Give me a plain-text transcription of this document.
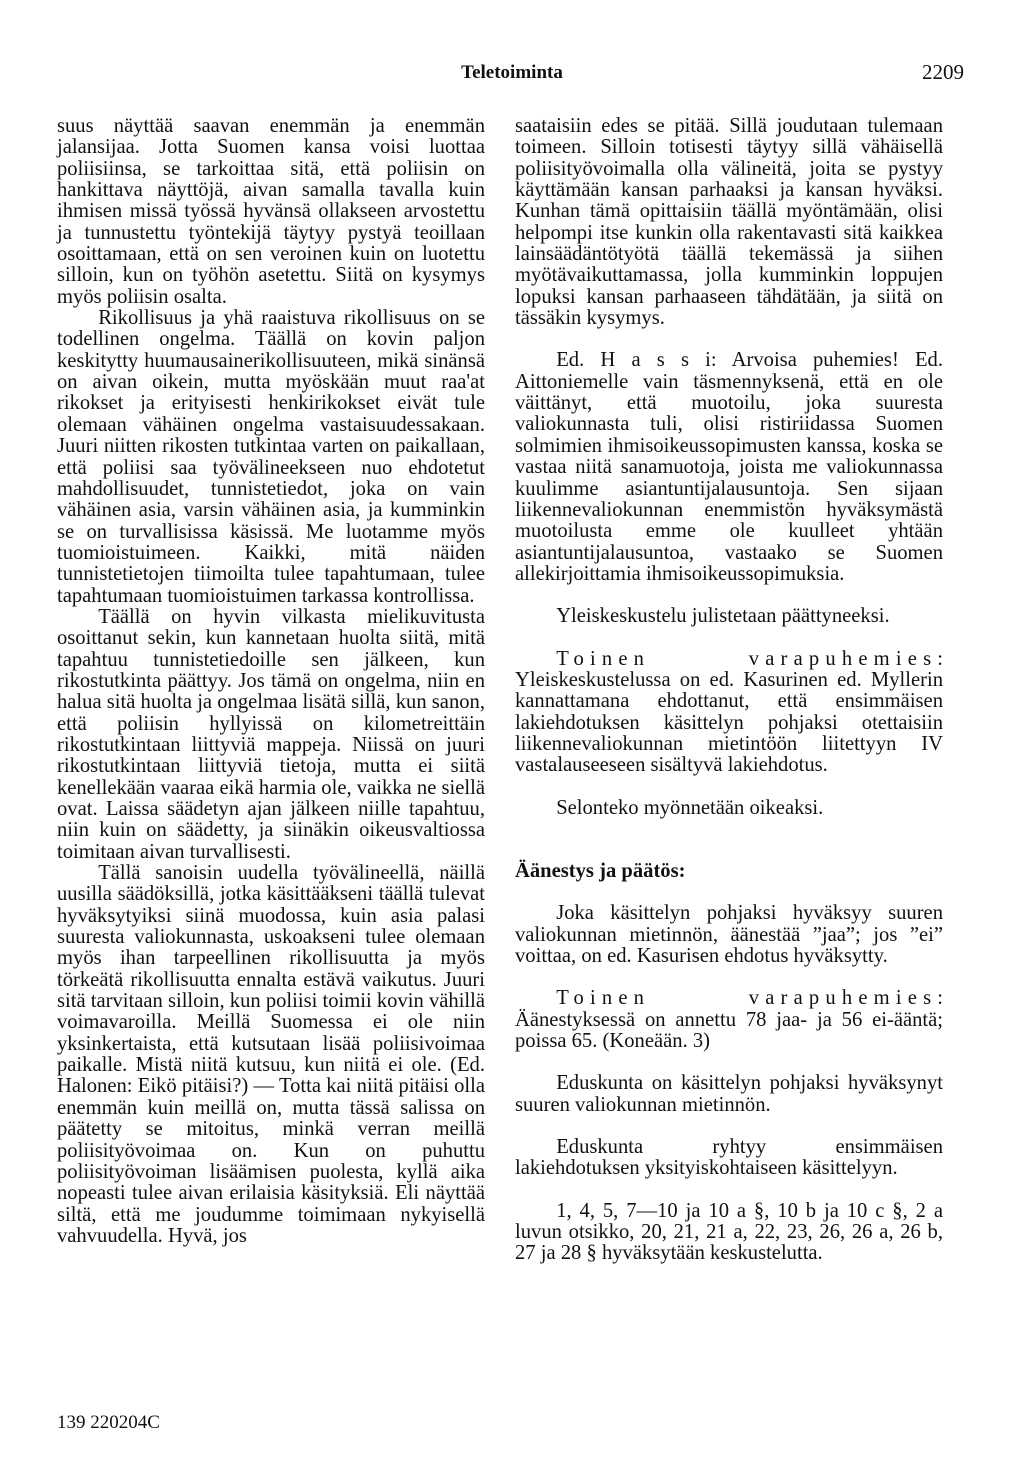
Teletoiminta	2209

suus näyttää saavan enemmän ja enemmän jalansijaa. Jotta Suomen kansa voisi luottaa poliisiinsa, se tarkoittaa sitä, että poliisin on hankittava näyttöjä, aivan samalla tavalla kuin ihmisen missä työssä hyvänsä ollakseen arvostettu ja tunnustettu työntekijä täytyy pystyä teoillaan osoittamaan, että on sen veroinen kuin on luotettu silloin, kun on työhön asetettu. Siitä on kysymys myös poliisin osalta.

Rikollisuus ja yhä raaistuva rikollisuus on se todellinen ongelma. Täällä on kovin paljon keskitytty huumausainerikollisuuteen, mikä sinänsä on aivan oikein, mutta myöskään muut raa'at rikokset ja erityisesti henkirikokset eivät tule olemaan vähäinen ongelma vastaisuudessakaan. Juuri niitten rikosten tutkintaa varten on paikallaan, että poliisi saa työvälineekseen nuo ehdotetut mahdollisuudet, tunnistetiedot, joka on vain vähäinen asia, varsin vähäinen asia, ja kumminkin se on turvallisissa käsissä. Me luotamme myös tuomioistuimeen. Kaikki, mitä näiden tunnistetietojen tiimoilta tulee tapahtumaan, tulee tapahtumaan tuomioistuimen tarkassa kontrollissa.

Täällä on hyvin vilkasta mielikuvitusta osoittanut sekin, kun kannetaan huolta siitä, mitä tapahtuu tunnistetiedoille sen jälkeen, kun rikostutkinta päättyy. Jos tämä on ongelma, niin en halua sitä huolta ja ongelmaa lisätä sillä, kun sanon, että poliisin hyllyissä on kilometreittäin rikostutkintaan liittyviä mappeja. Niissä on juuri rikostutkintaan liittyviä tietoja, mutta ei siitä kenellekään vaaraa eikä harmia ole, vaikka ne siellä ovat. Laissa säädetyn ajan jälkeen niille tapahtuu, niin kuin on säädetty, ja siinäkin oikeusvaltiossa toimitaan aivan turvallisesti.

Tällä sanoisin uudella työvälineellä, näillä uusilla säädöksillä, jotka käsittääkseni täällä tulevat hyväksytyiksi siinä muodossa, kuin asia palasi suuresta valiokunnasta, uskoakseni tulee olemaan myös ihan tarpeellinen rikollisuutta ja myös törkeätä rikollisuutta ennalta estävä vaikutus. Juuri sitä tarvitaan silloin, kun poliisi toimii kovin vähillä voimavaroilla. Meillä Suomessa ei ole niin yksinkertaista, että kutsutaan lisää poliisivoimaa paikalle. Mistä niitä kutsuu, kun niitä ei ole. (Ed. Halonen: Eikö pitäisi?) — Totta kai niitä pitäisi olla enemmän kuin meillä on, mutta tässä salissa on päätetty se mitoitus, minkä verran meillä poliisityövoimaa on. Kun on puhuttu poliisityövoiman lisäämisen puolesta, kyllä aika nopeasti tulee aivan erilaisia käsityksiä. Eli näyttää siltä, että me joudumme toimimaan nykyisellä vahvuudella. Hyvä, jos

saataisiin edes se pitää. Sillä joudutaan tulemaan toimeen. Silloin totisesti täytyy sillä vähäisellä poliisityövoimalla olla välineitä, joita se pystyy käyttämään kansan parhaaksi ja kansan hyväksi. Kunhan tämä opittaisiin täällä myöntämään, olisi helpompi itse kunkin olla rakentavasti sitä kaikkea lainsäädäntötyötä täällä tekemässä ja siihen myötävaikuttamassa, jolla kumminkin loppujen lopuksi kansan parhaaseen tähdätään, ja siitä on tässäkin kysymys.

Ed. H a s s i: Arvoisa puhemies! Ed. Aittoniemelle vain täsmennyksenä, että en ole väittänyt, että muotoilu, joka suuresta valiokunnasta tuli, olisi ristiriidassa Suomen solmimien ihmisoikeussopimusten kanssa, koska se vastaa niitä sanamuotoja, joista me valiokunnassa kuulimme asiantuntijalausuntoja. Sen sijaan liikennevaliokunnan enemmistön hyväksymästä muotoilusta emme ole kuulleet yhtään asiantuntijalausuntoa, vastaako se Suomen allekirjoittamia ihmisoikeussopimuksia.

Yleiskeskustelu julistetaan päättyneeksi.

Toinen varapuhemies: Yleiskeskustelussa on ed. Kasurinen ed. Myllerin kannattamana ehdottanut, että ensimmäisen lakiehdotuksen käsittelyn pohjaksi otettaisiin liikennevaliokunnan mietintöön liitettyyn IV vastalauseeseen sisältyvä lakiehdotus.

Selonteko myönnetään oikeaksi.

Äänestys ja päätös:

Joka käsittelyn pohjaksi hyväksyy suuren valiokunnan mietinnön, äänestää ”jaa”; jos ”ei” voittaa, on ed. Kasurisen ehdotus hyväksytty.

Toinen varapuhemies: Äänestyksessä on annettu 78 jaa- ja 56 ei-ääntä; poissa 65. (Koneään. 3)

Eduskunta on käsittelyn pohjaksi hyväksynyt suuren valiokunnan mietinnön.

Eduskunta ryhtyy ensimmäisen lakiehdotuksen yksityiskohtaiseen käsittelyyn.

1, 4, 5, 7—10 ja 10 a §, 10 b ja 10 c §, 2 a luvun otsikko, 20, 21, 21 a, 22, 23, 26, 26 a, 26 b, 27 ja 28 § hyväksytään keskustelutta.

139 220204C
